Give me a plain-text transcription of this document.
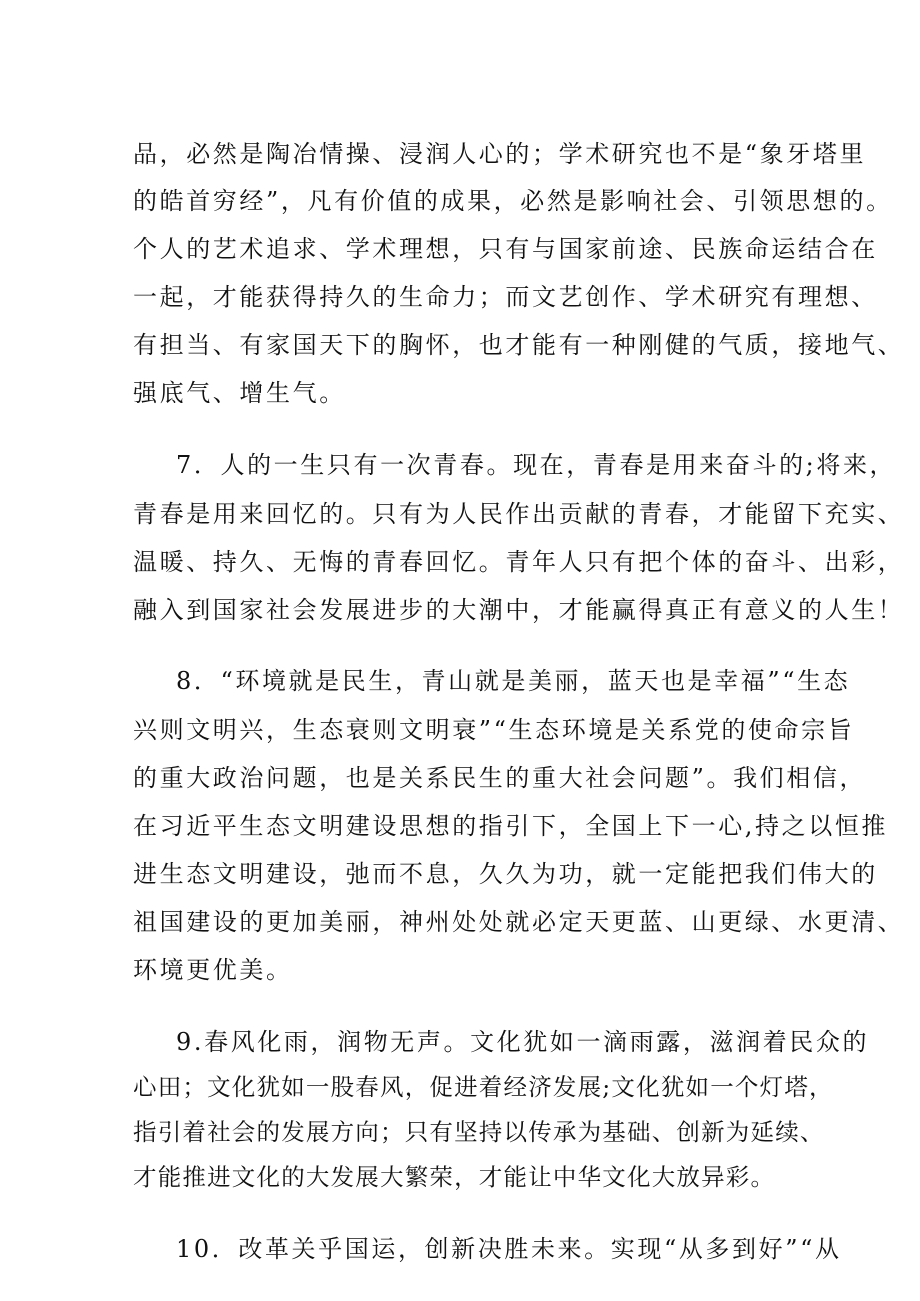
品，必然是陶冶情操、浸润人心的；学术研究也不是“象牙塔里
的皓首穷经”，凡有价值的成果，必然是影响社会、引领思想的。
个人的艺术追求、学术理想，只有与国家前途、民族命运结合在
一起，才能获得持久的生命力；而文艺创作、学术研究有理想、
有担当、有家国天下的胸怀，也才能有一种刚健的气质，接地气、
强底气、增生气。
7．人的一生只有一次青春。现在，青春是用来奋斗的;将来，
青春是用来回忆的。只有为人民作出贡献的青春，才能留下充实、
温暖、持久、无悔的青春回忆。青年人只有把个体的奋斗、出彩，
融入到国家社会发展进步的大潮中，才能赢得真正有意义的人生！
8．“环境就是民生，青山就是美丽，蓝天也是幸福”“生态
兴则文明兴，生态衰则文明衰”“生态环境是关系党的使命宗旨
的重大政治问题，也是关系民生的重大社会问题”。我们相信，
在习近平生态文明建设思想的指引下，全国上下一心,持之以恒推
进生态文明建设，弛而不息，久久为功，就一定能把我们伟大的
祖国建设的更加美丽，神州处处就必定天更蓝、山更绿、水更清、
环境更优美。
9.春风化雨，润物无声。文化犹如一滴雨露，滋润着民众的
心田；文化犹如一股春风，促进着经济发展;文化犹如一个灯塔，
指引着社会的发展方向；只有坚持以传承为基础、创新为延续、
才能推进文化的大发展大繁荣，才能让中华文化大放异彩。
10．改革关乎国运，创新决胜未来。实现“从多到好”“从
